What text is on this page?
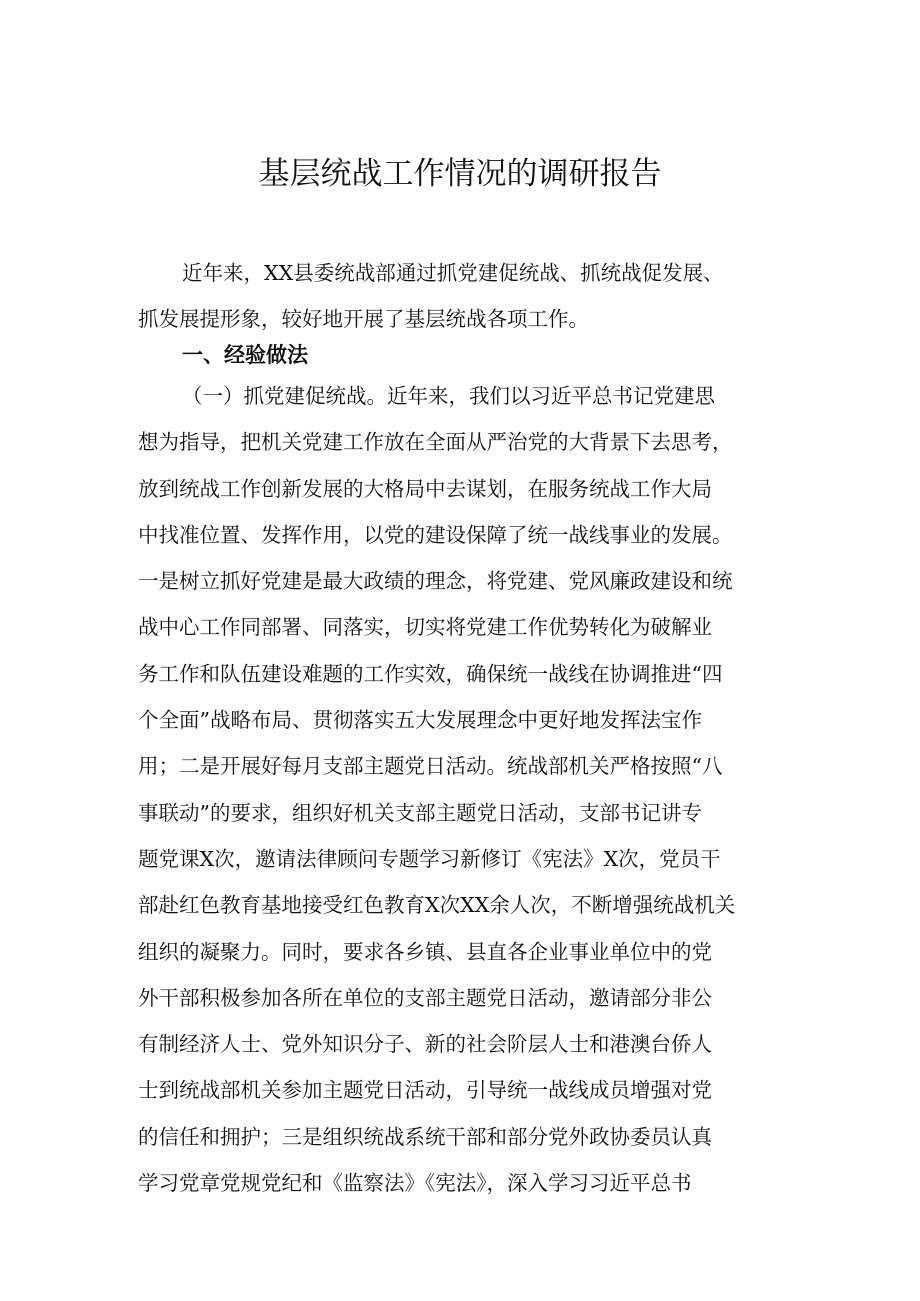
基层统战工作情况的调研报告
近年来，XX县委统战部通过抓党建促统战、抓统战促发展、
抓发展提形象，较好地开展了基层统战各项工作。
一、经验做法
（一）抓党建促统战。近年来，我们以习近平总书记党建思
想为指导，把机关党建工作放在全面从严治党的大背景下去思考，
放到统战工作创新发展的大格局中去谋划，在服务统战工作大局
中找准位置、发挥作用，以党的建设保障了统一战线事业的发展。
一是树立抓好党建是最大政绩的理念，将党建、党风廉政建设和统
战中心工作同部署、同落实，切实将党建工作优势转化为破解业
务工作和队伍建设难题的工作实效，确保统一战线在协调推进“四
个全面”战略布局、贯彻落实五大发展理念中更好地发挥法宝作
用；二是开展好每月支部主题党日活动。统战部机关严格按照“八
事联动”的要求，组织好机关支部主题党日活动，支部书记讲专
题党课X次，邀请法律顾问专题学习新修订《宪法》X次，党员干
部赴红色教育基地接受红色教育X次XX余人次，不断增强统战机关
组织的凝聚力。同时，要求各乡镇、县直各企业事业单位中的党
外干部积极参加各所在单位的支部主题党日活动，邀请部分非公
有制经济人士、党外知识分子、新的社会阶层人士和港澳台侨人
士到统战部机关参加主题党日活动，引导统一战线成员增强对党
的信任和拥护；三是组织统战系统干部和部分党外政协委员认真
学习党章党规党纪和《监察法》《宪法》，深入学习习近平总书
